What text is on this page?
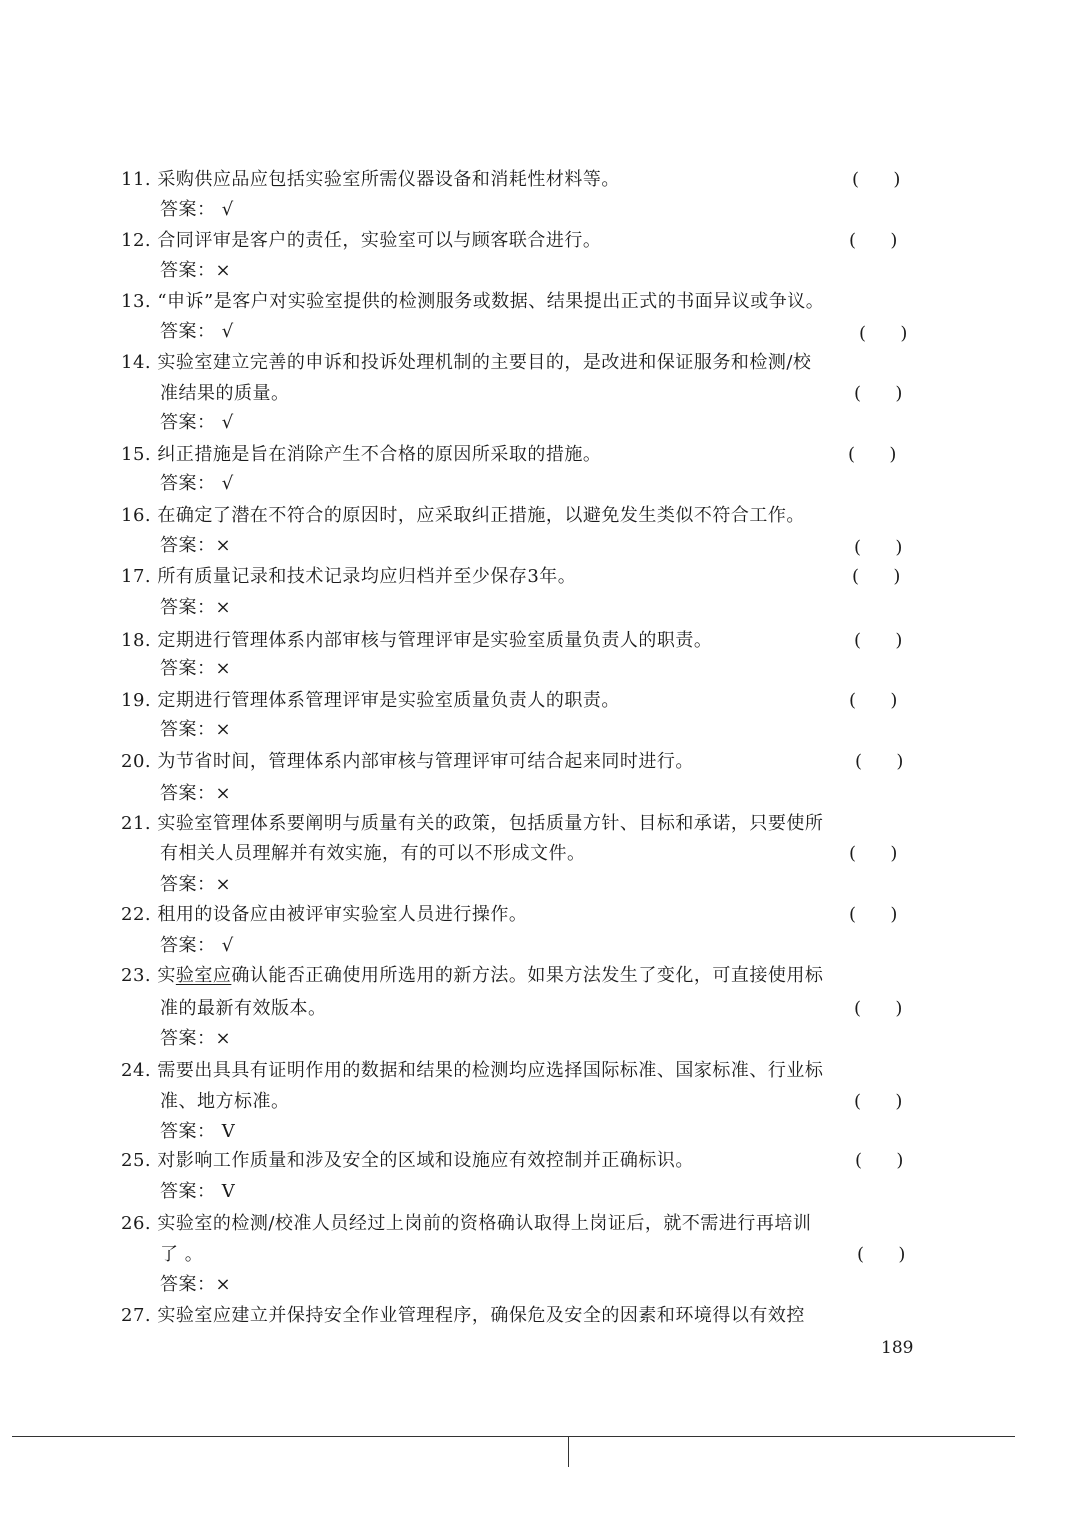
11. 采购供应品应包括实验室所需仪器设备和消耗性材料等。	(      )
答案： √
12. 合同评审是客户的责任，实验室可以与顾客联合进行。	(      )
答案：×
13. “申诉”是客户对实验室提供的检测服务或数据、结果提出正式的书面异议或争议。
答案： √	(      )
14. 实验室建立完善的申诉和投诉处理机制的主要目的，是改进和保证服务和检测/校
准结果的质量。	(      )
答案： √
15. 纠正措施是旨在消除产生不合格的原因所采取的措施。	(      )
答案： √
16. 在确定了潜在不符合的原因时，应采取纠正措施，以避免发生类似不符合工作。
答案：×	(      )
17. 所有质量记录和技术记录均应归档并至少保存3年。	(      )
答案：×
18. 定期进行管理体系内部审核与管理评审是实验室质量负责人的职责。	(      )
答案：×
19. 定期进行管理体系管理评审是实验室质量负责人的职责。	(      )
答案：×
20. 为节省时间，管理体系内部审核与管理评审可结合起来同时进行。	(      )
答案：×
21. 实验室管理体系要阐明与质量有关的政策，包括质量方针、目标和承诺，只要使所
有相关人员理解并有效实施，有的可以不形成文件。	(      )
答案：×
22. 租用的设备应由被评审实验室人员进行操作。	(      )
答案： √
23. 实验室应确认能否正确使用所选用的新方法。如果方法发生了变化，可直接使用标
准的最新有效版本。	(      )
答案：×
24. 需要出具具有证明作用的数据和结果的检测均应选择国际标准、国家标准、行业标
准、地方标准。	(      )
答案： V
25. 对影响工作质量和涉及安全的区域和设施应有效控制并正确标识。	(      )
答案： V
26. 实验室的检测/校准人员经过上岗前的资格确认取得上岗证后，就不需进行再培训
了 。	(      )
答案：×
27. 实验室应建立并保持安全作业管理程序，确保危及安全的因素和环境得以有效控
189
